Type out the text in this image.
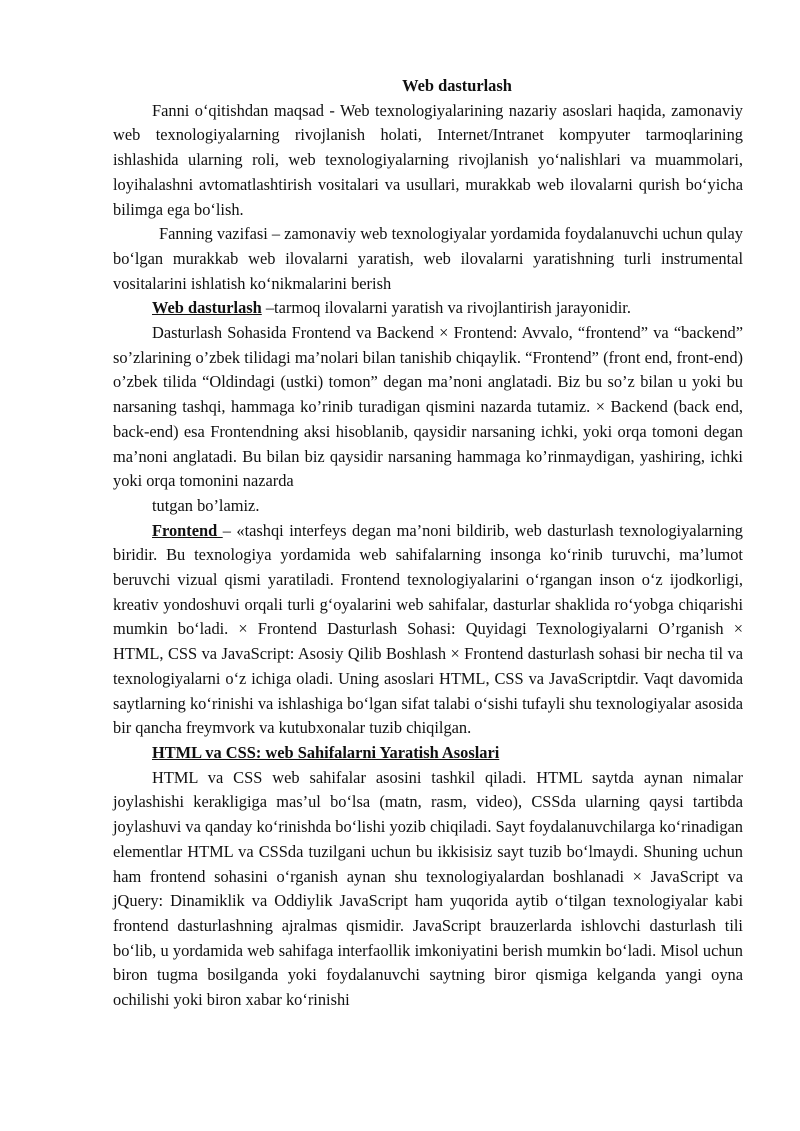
Web dasturlash

Fanni o‘qitishdan maqsad - Web texnologiyalarining nazariy asoslari haqida, zamonaviy web texnologiyalarning rivojlanish holati, Internet/Intranet kompyuter tarmoqlarining ishlashida ularning roli, web texnologiyalarning rivojlanish yo‘nalishlari va muammolari, loyihalashni avtomatlashtirish vositalari va usullari, murakkab web ilovalarni qurish bo‘yicha bilimga ega bo‘lish.

Fanning vazifasi – zamonaviy web texnologiyalar yordamida foydalanuvchi uchun qulay bo‘lgan murakkab web ilovalarni yaratish, web ilovalarni yaratishning turli instrumental vositalarini ishlatish ko‘nikmalarini berish

Web dasturlash –tarmoq ilovalarni yaratish va rivojlantirish jarayonidir.

Dasturlash Sohasida Frontend va Backend × Frontend: Avvalo, “frontend” va “backend” so’zlarining o’zbek tilidagi ma’nolari bilan tanishib chiqaylik. “Frontend” (front end, front-end) o’zbek tilida “Oldindagi (ustki) tomon” degan ma’noni anglatadi. Biz bu so’z bilan u yoki bu narsaning tashqi, hammaga ko’rinib turadigan qismini nazarda tutamiz. × Backend (back end, back-end) esa Frontendning aksi hisoblanib, qaysidir narsaning ichki, yoki orqa tomoni degan ma’noni anglatadi. Bu bilan biz qaysidir narsaning hammaga ko’rinmaydigan, yashiring, ichki yoki orqa tomonini nazarda

tutgan bo’lamiz.

Frontend – «tashqi interfeys degan ma’noni bildirib, web dasturlash texnologiyalarning biridir. Bu texnologiya yordamida web sahifalarning insonga ko‘rinib turuvchi, ma’lumot beruvchi vizual qismi yaratiladi. Frontend texnologiyalarini o‘rgangan inson o‘z ijodkorligi, kreativ yondoshuvi orqali turli g‘oyalarini web sahifalar, dasturlar shaklida ro‘yobga chiqarishi mumkin bo‘ladi. × Frontend Dasturlash Sohasi: Quyidagi Texnologiyalarni O’rganish × HTML, CSS va JavaScript: Asosiy Qilib Boshlash × Frontend dasturlash sohasi bir necha til va texnologiyalarni o‘z ichiga oladi. Uning asoslari HTML, CSS va JavaScriptdir. Vaqt davomida saytlarning ko‘rinishi va ishlashiga bo‘lgan sifat talabi o‘sishi tufayli shu texnologiyalar asosida bir qancha freymvork va kutubxonalar tuzib chiqilgan.

HTML va CSS: web Sahifalarni Yaratish Asoslari

HTML va CSS web sahifalar asosini tashkil qiladi. HTML saytda aynan nimalar joylashishi kerakligiga mas’ul bo‘lsa (matn, rasm, video), CSSda ularning qaysi tartibda joylashuvi va qanday ko‘rinishda bo‘lishi yozib chiqiladi. Sayt foydalanuvchilarga ko‘rinadigan elementlar HTML va CSSda tuzilgani uchun bu ikkisisiz sayt tuzib bo‘lmaydi. Shuning uchun ham frontend sohasini o‘rganish aynan shu texnologiyalardan boshlanadi × JavaScript va jQuery: Dinamiklik va Oddiylik JavaScript ham yuqorida aytib o‘tilgan texnologiyalar kabi frontend dasturlashning ajralmas qismidir. JavaScript brauzerlarda ishlovchi dasturlash tili bo‘lib, u yordamida web sahifaga interfaollik imkoniyatini berish mumkin bo‘ladi. Misol uchun biron tugma bosilganda yoki foydalanuvchi saytning biror qismiga kelganda yangi oyna ochilishi yoki biron xabar ko‘rinishi
